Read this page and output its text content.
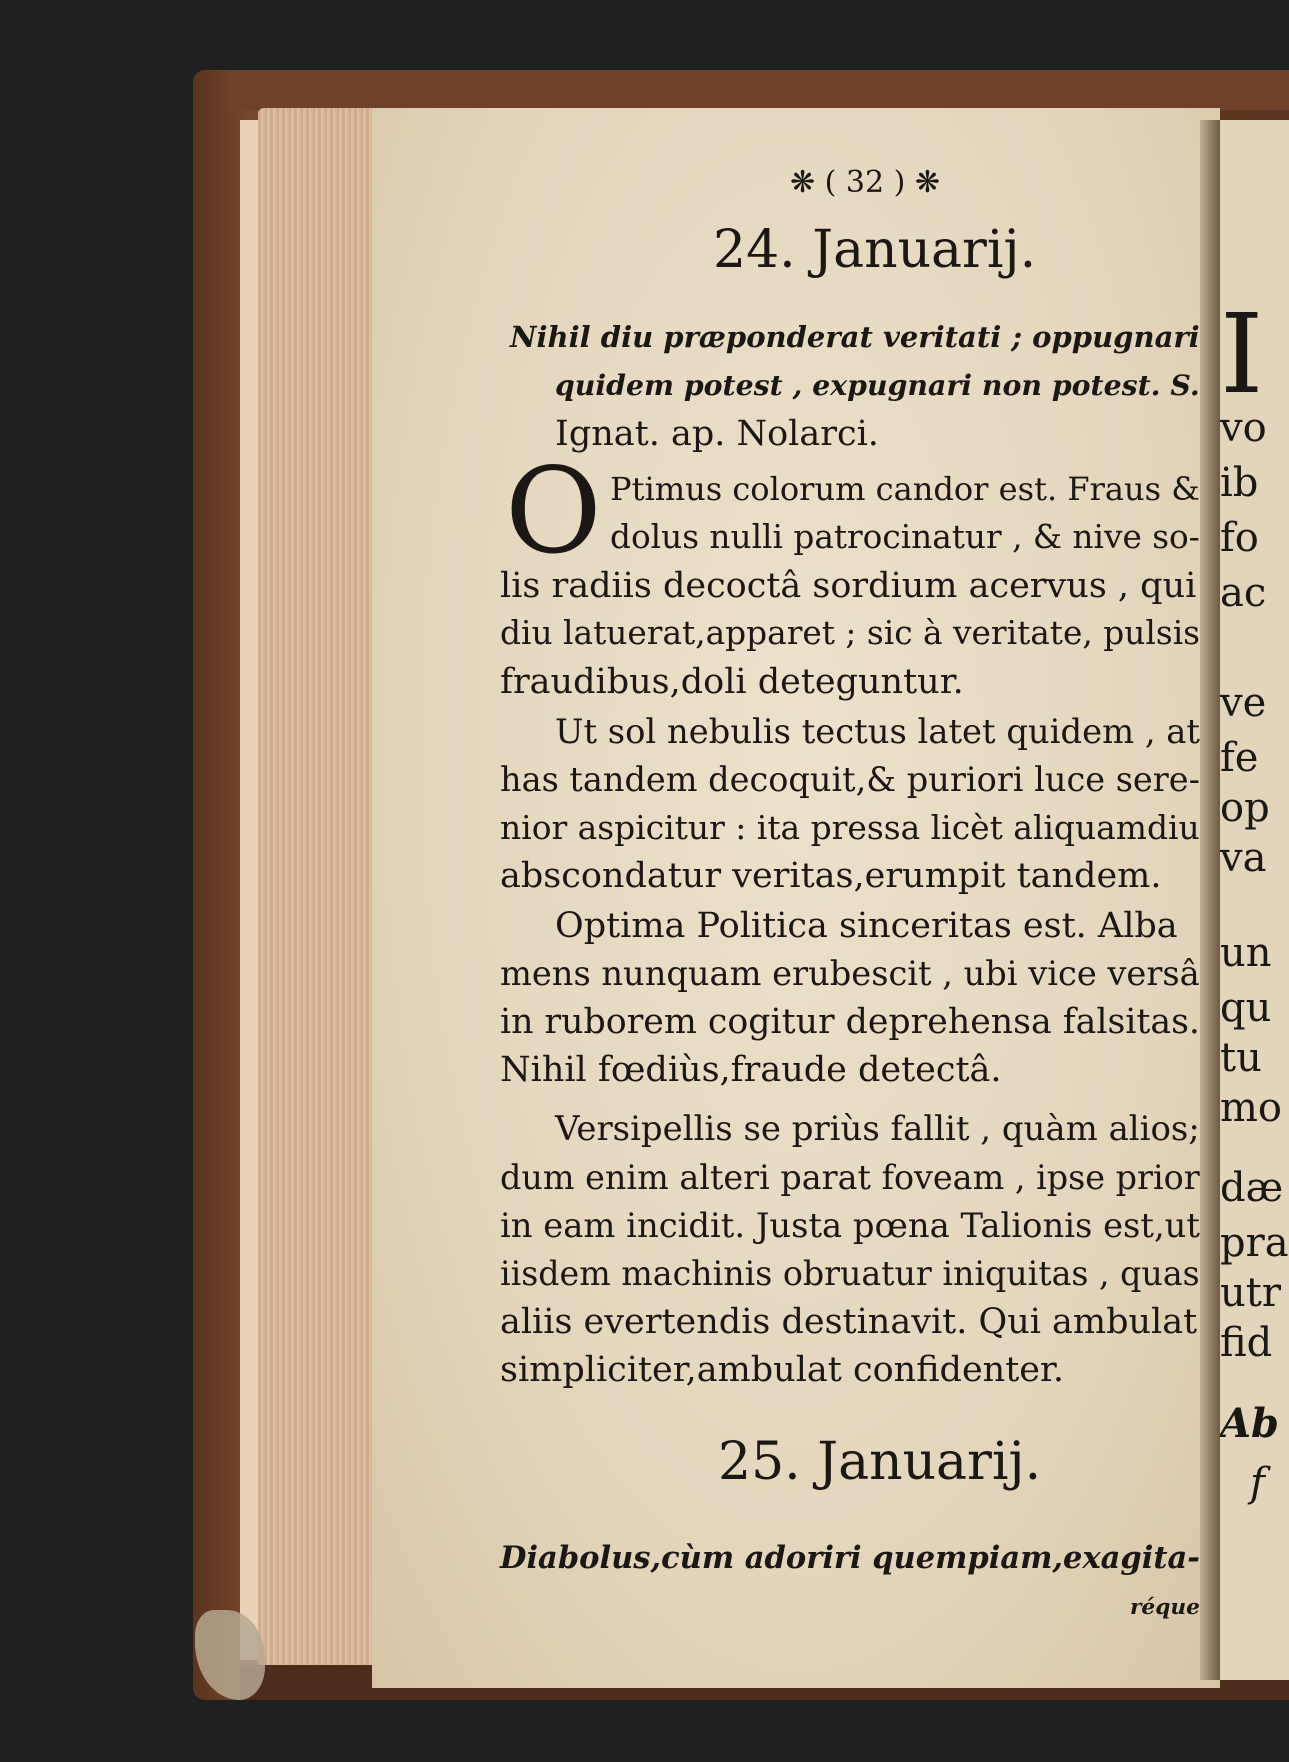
I
vo
ib
fo
ac
ve
fe
op
va
un
qu
tu
mo
dæ
pra
utr
fid
Ab
f
❋ ( 32 ) ❋
24. Januarij.
Nihil diu præponderat veritati ; oppugnari
quidem potest , expugnari non potest. S.
Ignat. ap. Nolarci.
O Ptimus colorum candor est. Fraus &
dolus nulli patrocinatur , & nive so-
lis radiis decoctâ sordium acervus , qui
diu latuerat,apparet ; sic à veritate, pulsis
fraudibus,doli deteguntur.
Ut sol nebulis tectus latet quidem , at
has tandem decoquit,& puriori luce sere-
nior aspicitur : ita pressa licèt aliquamdiu
abscondatur veritas,erumpit tandem.
Optima Politica sinceritas est. Alba
mens nunquam erubescit , ubi vice versâ
in ruborem cogitur deprehensa falsitas.
Nihil fœdiùs,fraude detectâ.
Versipellis se priùs fallit , quàm alios;
dum enim alteri parat foveam , ipse prior
in eam incidit. Justa pœna Talionis est,ut
iisdem machinis obruatur iniquitas , quas
aliis evertendis destinavit. Qui ambulat
simpliciter,ambulat confidenter.
25. Januarij.
Diabolus,cùm adoriri quempiam,exagita-
réque
